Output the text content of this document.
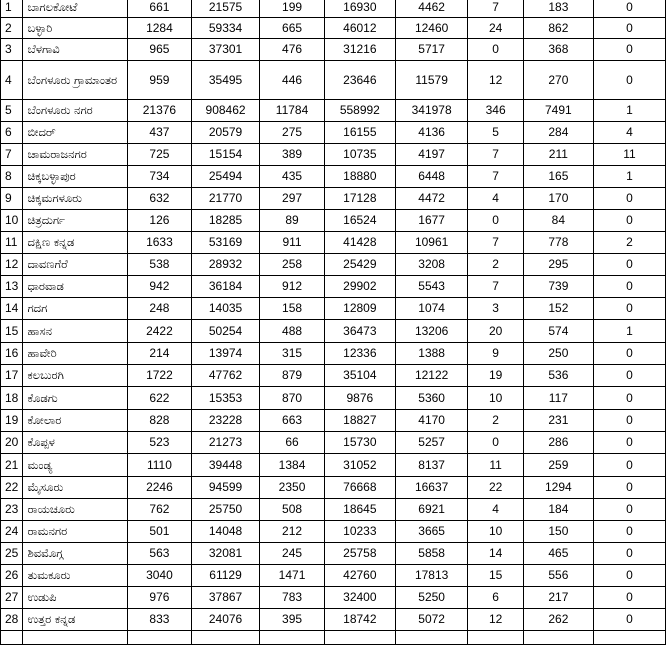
1	ಬಾಗಲಕೋಟೆ	661	21575	199	16930	4462	7	183	0
2	ಬಳ್ಳಾರಿ	1284	59334	665	46012	12460	24	862	0
3	ಬೆಳಗಾವಿ	965	37301	476	31216	5717	0	368	0
4	ಬೆಂಗಳೂರು ಗ್ರಾಮಾಂತರ	959	35495	446	23646	11579	12	270	0
5	ಬೆಂಗಳೂರು ನಗರ	21376	908462	11784	558992	341978	346	7491	1
6	ಬೀದರ್	437	20579	275	16155	4136	5	284	4
7	ಚಾಮರಾಜನಗರ	725	15154	389	10735	4197	7	211	11
8	ಚಿಕ್ಕಬಳ್ಳಾಪುರ	734	25494	435	18880	6448	7	165	1
9	ಚಿಕ್ಕಮಗಳೂರು	632	21770	297	17128	4472	4	170	0
10	ಚಿತ್ರದುರ್ಗ	126	18285	89	16524	1677	0	84	0
11	ದಕ್ಷಿಣ ಕನ್ನಡ	1633	53169	911	41428	10961	7	778	2
12	ದಾವಣಗೆರೆ	538	28932	258	25429	3208	2	295	0
13	ಧಾರವಾಡ	942	36184	912	29902	5543	7	739	0
14	ಗದಗ	248	14035	158	12809	1074	3	152	0
15	ಹಾಸನ	2422	50254	488	36473	13206	20	574	1
16	ಹಾವೇರಿ	214	13974	315	12336	1388	9	250	0
17	ಕಲಬುರಗಿ	1722	47762	879	35104	12122	19	536	0
18	ಕೊಡಗು	622	15353	870	9876	5360	10	117	0
19	ಕೋಲಾರ	828	23228	663	18827	4170	2	231	0
20	ಕೊಪ್ಪಳ	523	21273	66	15730	5257	0	286	0
21	ಮಂಡ್ಯ	1110	39448	1384	31052	8137	11	259	0
22	ಮೈಸೂರು	2246	94599	2350	76668	16637	22	1294	0
23	ರಾಯಚೂರು	762	25750	508	18645	6921	4	184	0
24	ರಾಮನಗರ	501	14048	212	10233	3665	10	150	0
25	ಶಿವಮೊಗ್ಗ	563	32081	245	25758	5858	14	465	0
26	ತುಮಕೂರು	3040	61129	1471	42760	17813	15	556	0
27	ಉಡುಪಿ	976	37867	783	32400	5250	6	217	0
28	ಉತ್ತರ ಕನ್ನಡ	833	24076	395	18742	5072	12	262	0
